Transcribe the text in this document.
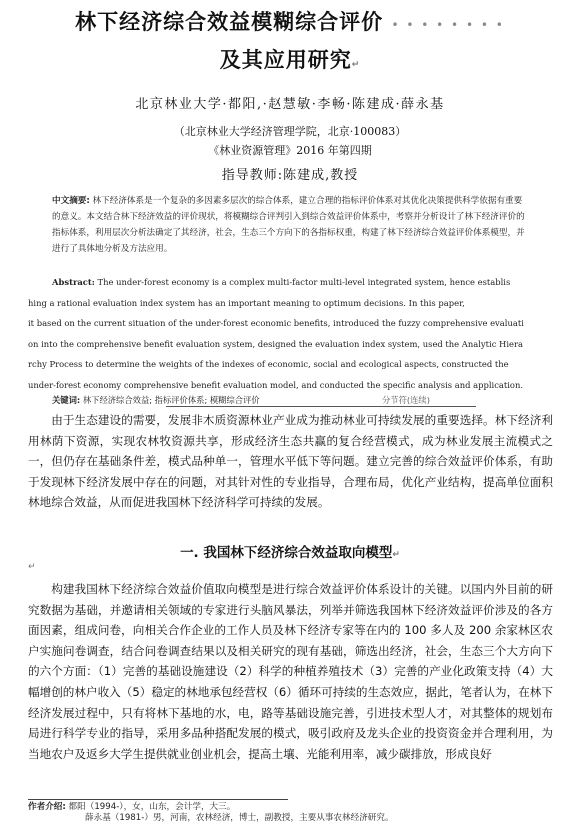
林下经济综合效益模糊综合评价 • • • • • • • •
及其应用研究↵
北京林业大学·都阳,·赵慧敏·李畅·陈建成·薛永基
（北京林业大学经济管理学院，北京·100083）
《林业资源管理》2016 年第四期
指导教师:陈建成,教授
中文摘要: 林下经济体系是一个复杂的多因素多层次的综合体系，建立合理的指标评价体系对其优化决策提供科学依据有重要的意义。本文结合林下经济效益的评价现状，将模糊综合评判引入到综合效益评价体系中，考察并分析设计了林下经济评价的指标体系，利用层次分析法确定了其经济，社会，生态三个方向下的各指标权重，构建了林下经济综合效益评价体系模型，并进行了具体地分析及方法应用。
Abstract: The under-forest economy is a complex multi-factor multi-level integrated system, hence establis
hing a rational evaluation index system has an important meaning to optimum decisions. In this paper,
it based on the current situation of the under-forest economic benefits, introduced the fuzzy comprehensive evaluati
on into the comprehensive benefit evaluation system, designed the evaluation index system, used the Analytic Hiera
rchy Process to determine the weights of the indexes of economic, social and ecological aspects, constructed the under-forest economy comprehensive benefit evaluation model, and conducted the specific analysis and application.
关键词: 林下经济综合效益; 指标评价体系; 模糊综合评价	分节符(连续)

由于生态建设的需要，发展非木质资源林业产业成为推动林业可持续发展的重要选择。林下经济利用林荫下资源，实现农林牧资源共享，形成经济生态共赢的复合经营模式，成为林业发展主流模式之一，但仍存在基础条件差，模式品种单一，管理水平低下等问题。建立完善的综合效益评价体系，有助于发现林下经济发展中存在的问题，对其针对性的专业指导，合理布局，优化产业结构，提高单位面积林地综合效益，从而促进我国林下经济科学可持续的发展。

一. 我国林下经济综合效益取向模型↵
↵

构建我国林下经济综合效益价值取向模型是进行综合效益评价体系设计的关键。以国内外目前的研究数据为基础，并邀请相关领域的专家进行头脑风暴法，列举并筛选我国林下经济效益评价涉及的各方面因素，组成问卷，向相关合作企业的工作人员及林下经济专家等在内的 100 多人及 200 余家林区农户实施问卷调查，结合问卷调查结果以及相关研究的现有基础，筛选出经济，社会，生态三个大方向下的六个方面：（1）完善的基础设施建设（2）科学的种植养殖技术（3）完善的产业化政策支持（4）大幅增创的林户收入（5）稳定的林地承包经营权（6）循环可持续的生态效应，据此，笔者认为，在林下经济发展过程中，只有将林下基地的水，电，路等基础设施完善，引进技术型人才，对其整体的规划布局进行科学专业的指导，采用多品种搭配发展的模式，吸引政府及龙头企业的投资资金并合理利用，为当地农户及返乡大学生提供就业创业机会，提高土壤、光能利用率，减少碳排放，形成良好

作者介绍: 都阳（1994-），女，山东，会计学，大三。
薛永基（1981-）男，河南，农林经济，博士，副教授，主要从事农林经济研究。
